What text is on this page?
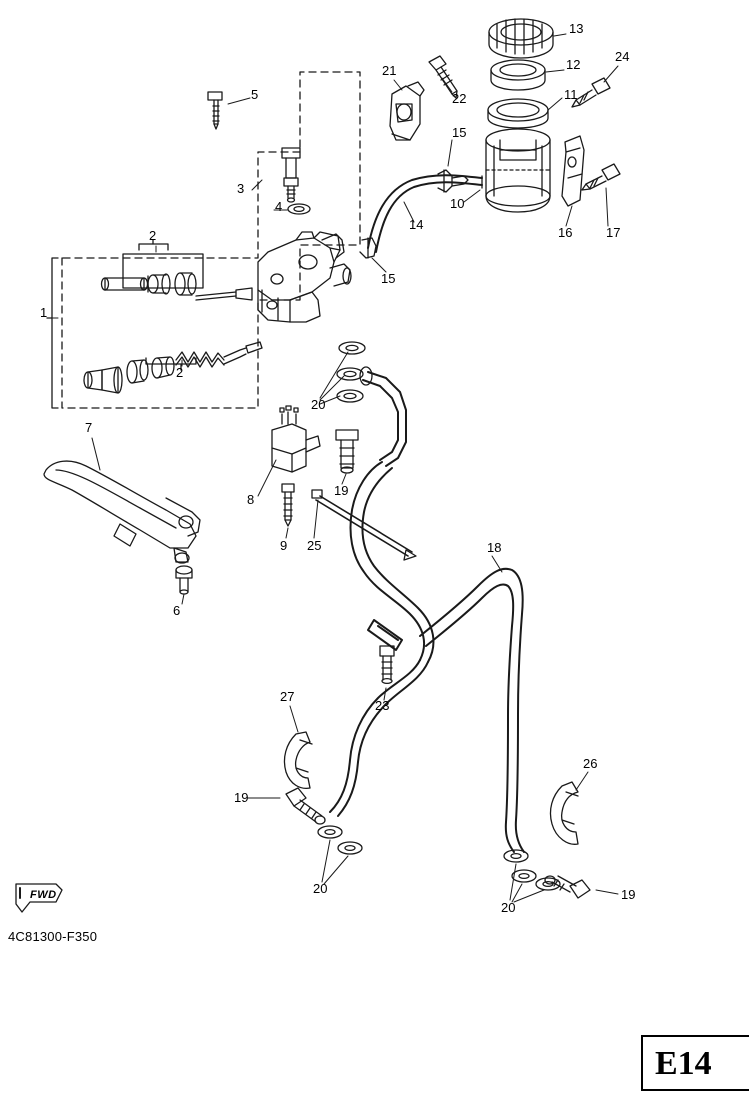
1
2
2
3
4
5
6
7
8
9
10
11
12
13
14
15
15
16	17
18
19
19
19
20
20
20
21
22
23
24
25
26
27
FWD
4C81300-F350
E14
